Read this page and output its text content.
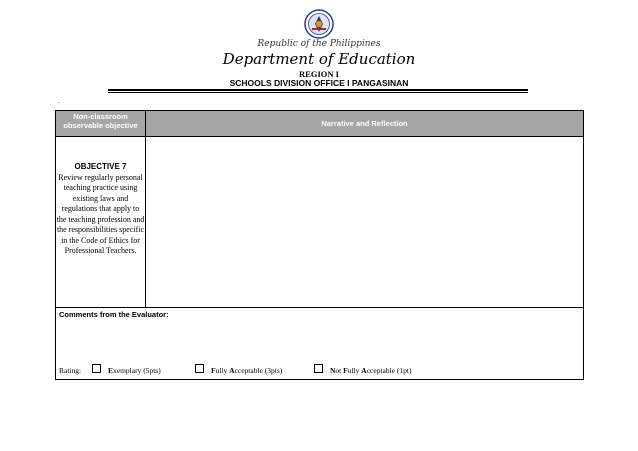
Republic of the Philippines
Department of Education
REGION I
SCHOOLS DIVISION OFFICE I PANGASINAN
.
Non-classroom observable objective	Narrative and Reflection
OBJECTIVE 7
Review regularly personal teaching practice using existing laws and regulations that apply to the teaching profession and the responsibilities specific in the Code of Ethics for Professional Teachers.
Comments from the Evaluator:
Rating:	Exemplary (5pts)	Fully Acceptable (3pts)	Not Fully Acceptable (1pt)
